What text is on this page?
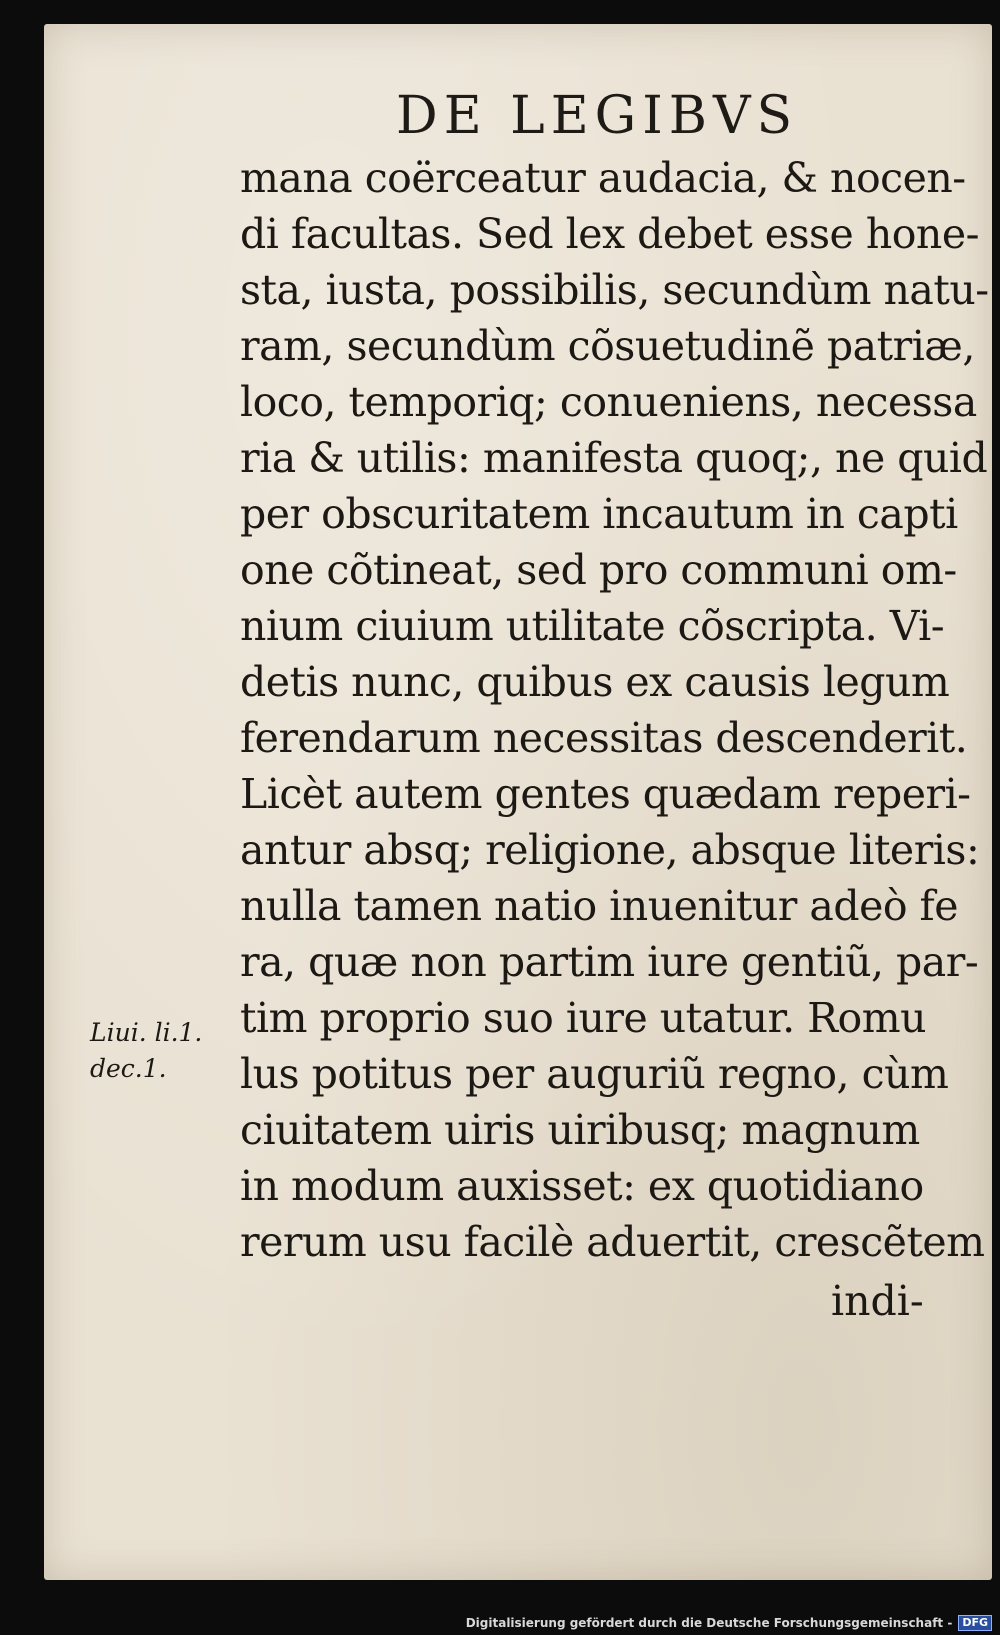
DE LEGIBVS
mana coërceatur audacia, & nocen-
di facultas. Sed lex debet esse hone-
sta, iusta, possibilis, secundùm natu-
ram, secundùm cõsuetudinẽ patriæ,
loco, temporiq; conueniens, necessa
ria & utilis: manifesta quoq;, ne quid
per obscuritatem incautum in capti
one cõtineat, sed pro communi om-
nium ciuium utilitate cõscripta. Vi-
detis nunc, quibus ex causis legum
ferendarum necessitas descenderit.
Licèt autem gentes quædam reperi-
antur absq; religione, absque literis:
nulla tamen natio inuenitur adeò fe
ra, quæ non partim iure gentiũ, par-
tim proprio suo iure utatur. Romu
lus potitus per auguriũ regno, cùm
ciuitatem uiris uiribusq; magnum
in modum auxisset: ex quotidiano
rerum usu facilè aduertit, crescẽtem
indi-
Liui. li.1.
dec.1.
Digitalisierung gefördert durch die Deutsche Forschungsgemeinschaft - DFG
